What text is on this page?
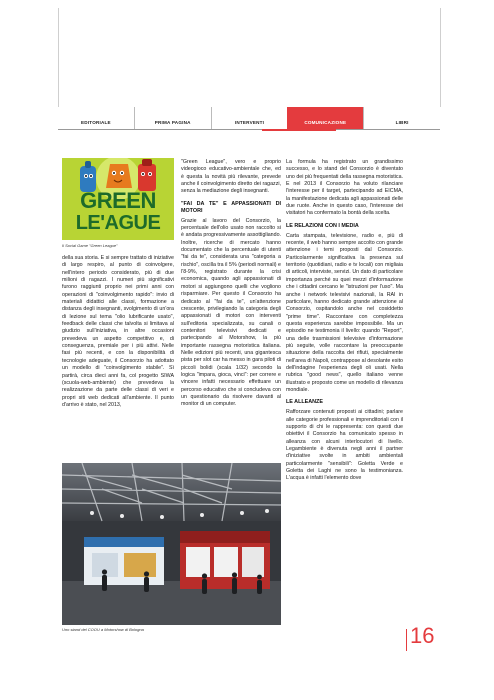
EDITORIALE	PRIMA PAGINA	INTERVENTI	COMUNICAZIONE	LIBRI
GREEN
LE'AGUE
Il Social Game "Green League"

della sua storia. E si sempre trattato di iniziative di largo respiro, al punto di coinvolgere, nell'intero periodo considerato, più di due milioni di ragazzi. I numeri più significativi furono raggiunti proprio nei primi anni con operazioni di "coinvolgimento rapido": invio di materiali didattici alle classi, formazione a distanza degli insegnanti, svolgimento di un'ora di lezione sul tema "olio lubrificante usato", feedback delle classi che talvolta si limitava al giudizio sull'iniziativa, in altre occasioni prevedeva un aspetto competitivo e, di conseguenza, premiale per i più attivi. Nelle fasi più recenti, e con la disponibilità di tecnologie adeguate, il Consorzio ha adottato un modello di "coinvolgimento stabile". Sì partirà, circa dieci anni fa, col progetto SIWA (scuola-web-ambiente) che prevedeva la realizzazione da parte delle classi di veri e propri siti web dedicati all'ambiente. Il punto d'arrivo è stato, nel 2013,

"Green League", vero e proprio videogioco educativo-ambientale che, ed è questa la novità più rilevante, prevede anche il coinvolgimento diretto dei ragazzi, senza la mediazione degli insegnanti.

"FAI DA TE" E APPASSIONATI DI MOTORI

Grazie al lavoro del Consorzio, la percentuale dell'olio usato non raccolto si è andata progressivamente assottigliando. Inoltre, ricerche di mercato hanno documentato che la percentuale di utenti "fai da te", considerata una "categoria a rischio", oscilla tra il 5% (periodi normali) e l'8-9%, registrato durante la crisi economica, quando agli appassionati di motori si aggiungono quelli che vogliono risparmiare. Per questo il Consorzio ha dedicato al "fai da te", un'attenzione crescente, privilegiando la categoria degli appassionati di motori con interventi sull'editoria specializzata, su canali o contenitori televisivi dedicati e partecipando al Motorshow, la più importante rassegna motoristica italiana. Nelle edizioni più recenti, una gigantesca pista per slot car ha messo in gara piloti di piccoli bolidi (scala 1/32) secondo la logica "impara, gioca, vinci": per correre e vincere infatti necessario effettuare un percorso educativo che si concludeva con un questionario da risolvere davanti al monitor di un computer.

La formula ha registrato un grandissimo successo, e lo stand del Consorzio è diventato uno dei più frequentati della rassegna motoristica. E nel 2013 il Consorzio ha voluto rilanciare l'interesse per il target, partecipando ad EICMA, la manifestazione dedicata agli appassionati delle due ruote. Anche in questo caso, l'interesse dei visitatori ha confermato la bontà della scelta.

LE RELAZIONI CON I MEDIA

Carta stampata, televisione, radio e, più di recente, il web hanno sempre accolto con grande attenzione i temi proposti dal Consorzio. Particolarmente significativa la presenza sul territorio (quotidiani, radio e tv locali) con migliaia di articoli, interviste, servizi. Un dato di particolare importanza perché su quei mezzi d'informazione che i cittadini cercano le "istruzioni per l'uso". Ma anche i network televisivi nazionali, la RAI in particolare, hanno dedicato grande attenzione al Consorzio, ospitandolo anche nel cosiddetto "prime time". Raccontare con completezza questa esperienza sarebbe impossibile. Ma un episodio ne testimonia il livello: quando "Report", una delle trasmissioni televisive d'informazione più seguite, volle raccontare la preoccupante situazione della raccolta dei rifiuti, specialmente nell'area di Napoli, contrappose al desolante esito dell'indagine l'esperienza degli oli usati. Nella rubrica "good news", quello italiano venne illustrato e proposto come un modello di rilevanza mondiale.

LE ALLEANZE

Rafforzare contenuti proposti ai cittadini; parlare alle categorie professionali e imprenditoriali con il supporto di chi le rappresenta: con questi due obiettivi il Consorzio ha comunicato spesso in alleanza con alcuni interlocutori di livello. Legambiente è divenuta negli anni il partner d'iniziative svolte in ambiti ambientali particolarmente "sensibili": Goletta Verde e Goletta dei Laghi ne sono la testimonianza. L'acqua è infatti l'elemento dove

Uno stand del COOU a Motorshow di Bologna	16
